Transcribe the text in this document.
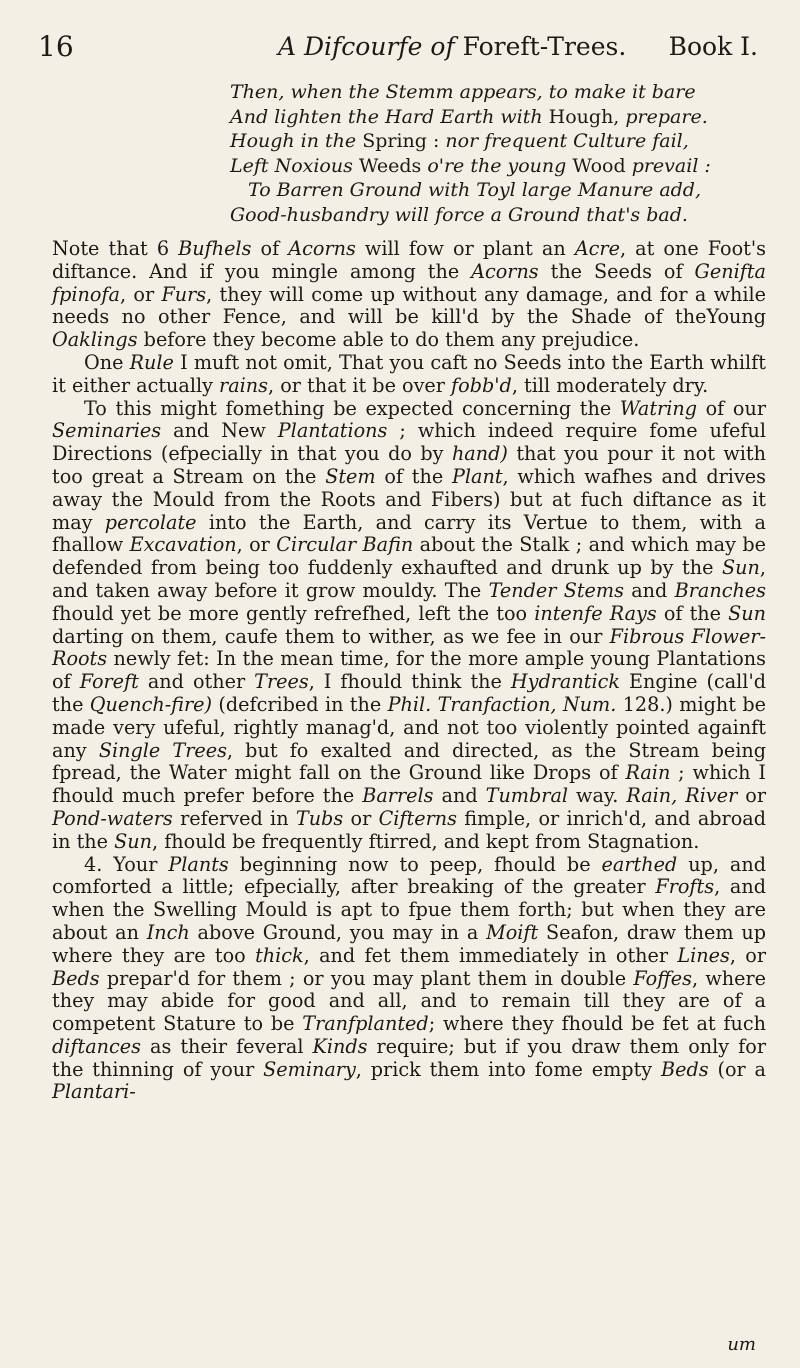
16	A Difcourfe of Foreft-Trees. Book I.
Then, when the Stemm appears, to make it bare
And lighten the Hard Earth with Hough, prepare.
Hough in the Spring : nor frequent Culture fail,
Left Noxious Weeds o're the young Wood prevail :
To Barren Ground with Toyl large Manure add,
Good-husbandry will force a Ground that's bad.

Note that 6 Bufhels of Acorns will fow or plant an Acre, at one Foot's diftance. And if you mingle among the Acorns the Seeds of Genifta fpinofa, or Furs, they will come up without any damage, and for a while needs no other Fence, and will be kill'd by the Shade of theYoung Oaklings before they become able to do them any prejudice.

One Rule I muft not omit, That you caft no Seeds into the Earth whilft it either actually rains, or that it be over fobb'd, till moderately dry.

To this might fomething be expected concerning the Watring of our Seminaries and New Plantations ; which indeed require fome ufeful Directions (efpecially in that you do by hand) that you pour it not with too great a Stream on the Stem of the Plant, which wafhes and drives away the Mould from the Roots and Fibers) but at fuch diftance as it may percolate into the Earth, and carry its Vertue to them, with a fhallow Excavation, or Circular Bafin about the Stalk ; and which may be defended from being too fuddenly exhaufted and drunk up by the Sun, and taken away before it grow mouldy. The Tender Stems and Branches fhould yet be more gently refrefhed, left the too intenfe Rays of the Sun darting on them, caufe them to wither, as we fee in our Fibrous Flower-Roots newly fet: In the mean time, for the more ample young Plantations of Foreft and other Trees, I fhould think the Hydrantick Engine (call'd the Quench-fire) (defcribed in the Phil. Tranfaction, Num. 128.) might be made very ufeful, rightly manag'd, and not too violently pointed againft any Single Trees, but fo exalted and directed, as the Stream being fpread, the Water might fall on the Ground like Drops of Rain ; which I fhould much prefer before the Barrels and Tumbral way. Rain, River or Pond-waters referved in Tubs or Cifterns fimple, or inrich'd, and abroad in the Sun, fhould be frequently ftirred, and kept from Stagnation.

4. Your Plants beginning now to peep, fhould be earthed up, and comforted a little; efpecially, after breaking of the greater Frofts, and when the Swelling Mould is apt to fpue them forth; but when they are about an Inch above Ground, you may in a Moift Seafon, draw them up where they are too thick, and fet them immediately in other Lines, or Beds prepar'd for them ; or you may plant them in double Foffes, where they may abide for good and all, and to remain till they are of a competent Stature to be Tranfplanted; where they fhould be fet at fuch diftances as their feveral Kinds require; but if you draw them only for the thinning of your Seminary, prick them into fome empty Beds (or a Plantari-

um
